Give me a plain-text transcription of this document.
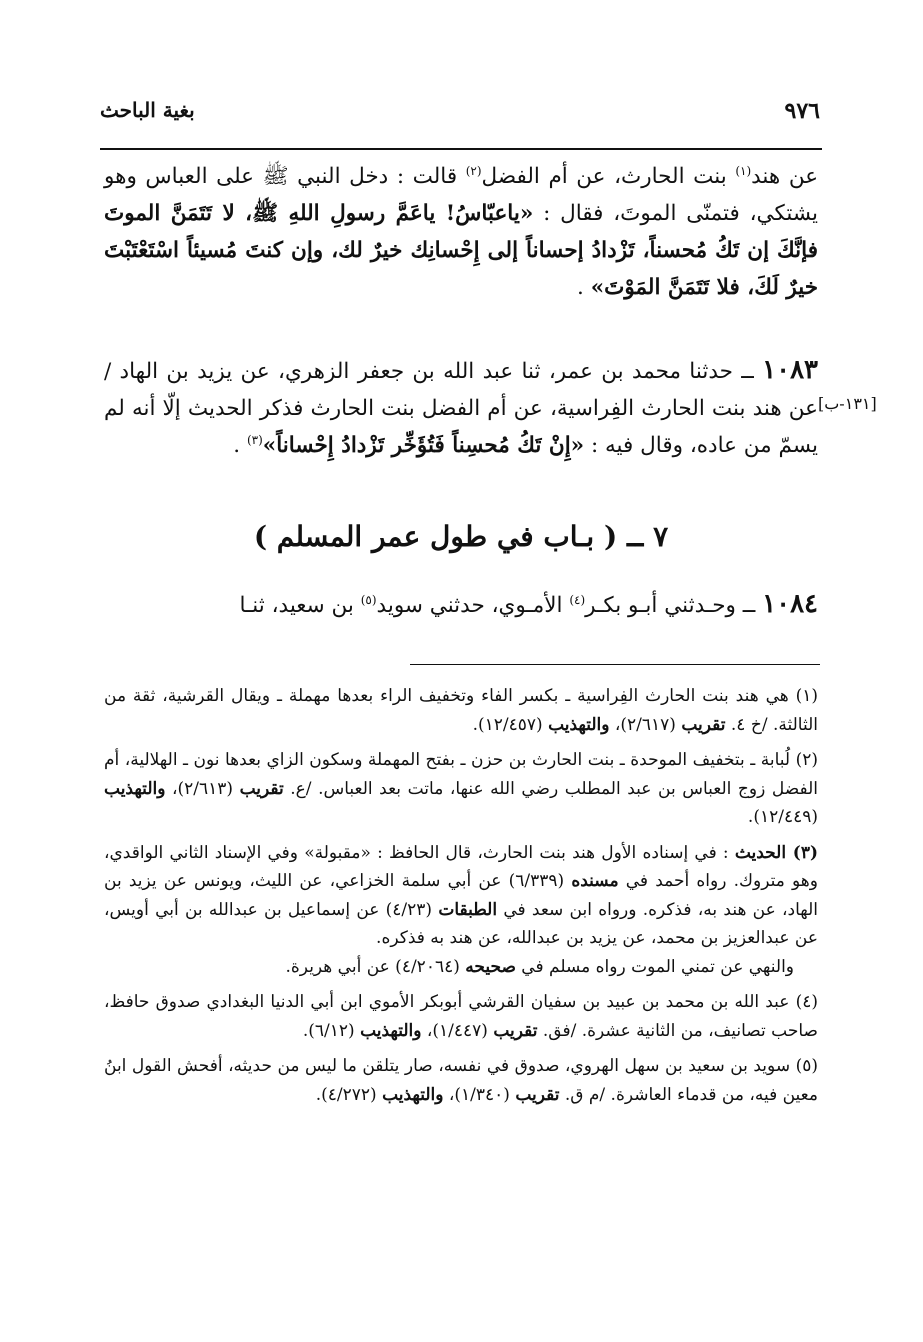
٩٧٦
بغية الباحث
عن هند$^{(١)}$ بنت الحارث، عن أم الفضل$^{(٢)}$ قالت : دخل النبي ﷺ على العباس وهو يشتكي، فتمنّى الموتَ، فقال : «ياعبّاسُ! ياعَمَّ رسولِ اللهِ ﷺ، لا تَتَمَنَّ الموتَ فإنَّكَ إن تَكُ مُحسناً، تَزْدادُ إحساناً إلى إِحْسانِك خيرٌ لك، وإن كنتَ مُسيئاً اسْتَعْتَبْتَ خيرٌ لَكَ، فلا تَتَمَنَّ المَوْتَ» .
١٠٨٣ ــ حدثنا محمد بن عمر، ثنا عبد الله بن جعفر الزهري، عن يزيد بن الهاد / عن هند بنت الحارث الفِراسية، عن أم الفضل بنت الحارث فذكر الحديث إلّا أنه لم يسمّ من عاده، وقال فيه : «إِنْ تَكُ مُحسِناً فَتُؤَخِّر تَزْدادُ إِحْساناً»$^{(٣)}$ .
[١٣١-ب]
٧ ــ ( بـاب في طول عمر المسلم )
١٠٨٤ ــ وحـدثني أبـو بكـر$^{(٤)}$ الأمـوي، حدثني سويد$^{(٥)}$ بن سعيد، ثنـا
(١) هي هند بنت الحارث الفِراسية ـ بكسر الفاء وتخفيف الراء بعدها مهملة ـ ويقال القرشية، ثقة من الثالثة. /خ ٤. تقريب (٢/٦١٧)، والتهذيب (١٢/٤٥٧).
(٢) لُبابة ـ بتخفيف الموحدة ـ بنت الحارث بن حزن ـ بفتح المهملة وسكون الزاي بعدها نون ـ الهلالية، أم الفضل زوج العباس بن عبد المطلب رضي الله عنها، ماتت بعد العباس. /ع. تقريب (٢/٦١٣)، والتهذيب (١٢/٤٤٩).

(٣) الحديث : في إسناده الأول هند بنت الحارث، قال الحافظ : «مقبولة» وفي الإسناد الثاني الواقدي، وهو متروك. رواه أحمد في مسنده (٦/٣٣٩) عن أبي سلمة الخزاعي، عن الليث، ويونس عن يزيد بن الهاد، عن هند به، فذكره. ورواه ابن سعد في الطبقات (٤/٢٣) عن إسماعيل بن عبدالله بن أبي أويس، عن عبدالعزيز بن محمد، عن يزيد بن عبدالله، عن هند به فذكره.

والنهي عن تمني الموت رواه مسلم في صحيحه (٤/٢٠٦٤) عن أبي هريرة.

(٤) عبد الله بن محمد بن عبيد بن سفيان القرشي أبوبكر الأموي ابن أبي الدنيا البغدادي صدوق حافظ، صاحب تصانيف، من الثانية عشرة. /فق. تقريب (١/٤٤٧)، والتهذيب (٦/١٢).
(٥) سويد بن سعيد بن سهل الهروي، صدوق في نفسه، صار يتلقن ما ليس من حديثه، أفحش القول ابنُ معين فيه، من قدماء العاشرة. /م ق. تقريب (١/٣٤٠)، والتهذيب (٤/٢٧٢).
